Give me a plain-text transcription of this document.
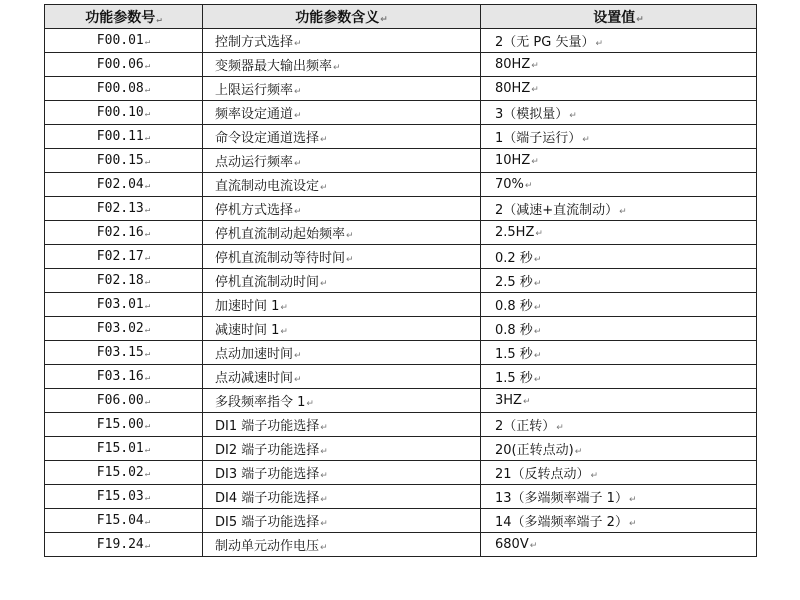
功能参数号↵	功能参数含义↵	设置值↵
F00.01↵	控制方式选择↵	2（无 PG 矢量）↵
F00.06↵	变频器最大输出频率↵	80HZ↵
F00.08↵	上限运行频率↵	80HZ↵
F00.10↵	频率设定通道↵	3（模拟量）↵
F00.11↵	命令设定通道选择↵	1（端子运行）↵
F00.15↵	点动运行频率↵	10HZ↵
F02.04↵	直流制动电流设定↵	70%↵
F02.13↵	停机方式选择↵	2（减速+直流制动）↵
F02.16↵	停机直流制动起始频率↵	2.5HZ↵
F02.17↵	停机直流制动等待时间↵	0.2 秒↵
F02.18↵	停机直流制动时间↵	2.5 秒↵
F03.01↵	加速时间 1↵	0.8 秒↵
F03.02↵	减速时间 1↵	0.8 秒↵
F03.15↵	点动加速时间↵	1.5 秒↵
F03.16↵	点动减速时间↵	1.5 秒↵
F06.00↵	多段频率指令 1↵	3HZ↵
F15.00↵	DI1 端子功能选择↵	2（正转）↵
F15.01↵	DI2 端子功能选择↵	20(正转点动)↵
F15.02↵	DI3 端子功能选择↵	21（反转点动）↵
F15.03↵	DI4 端子功能选择↵	13（多端频率端子 1）↵
F15.04↵	DI5 端子功能选择↵	14（多端频率端子 2）↵
F19.24↵	制动单元动作电压↵	680V↵
